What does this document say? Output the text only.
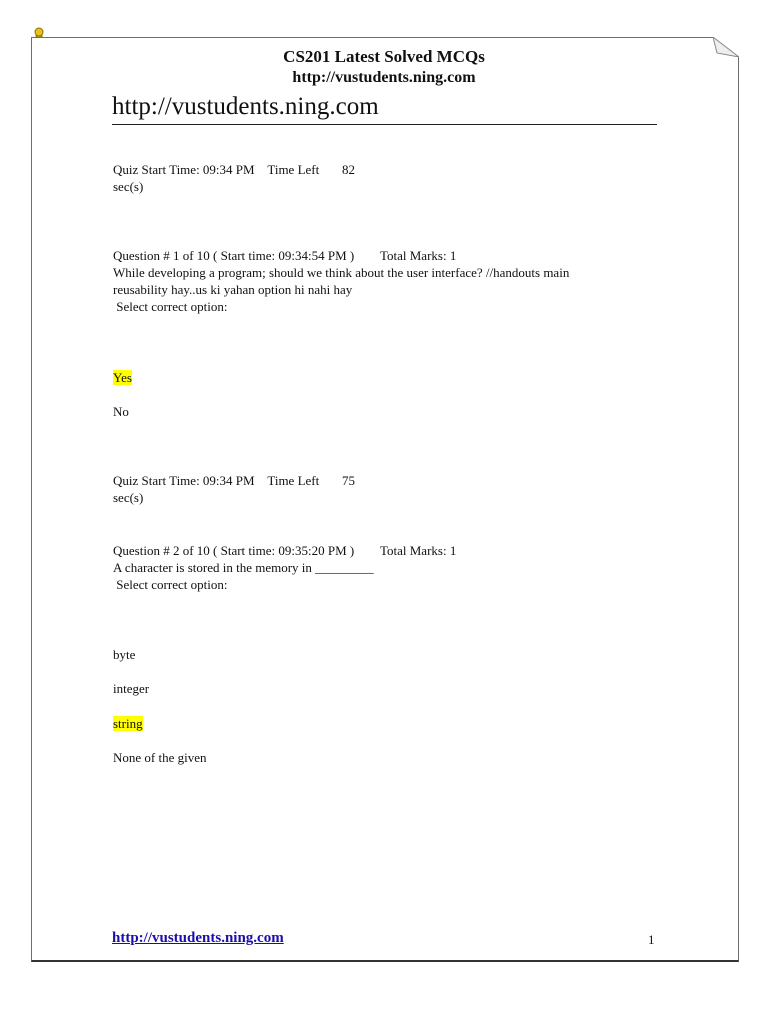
CS201 Latest Solved MCQs
http://vustudents.ning.com
http://vustudents.ning.com
Quiz Start Time: 09:34 PM    Time Left       82
sec(s)
Question # 1 of 10 ( Start time: 09:34:54 PM )        Total Marks: 1
While developing a program; should we think about the user interface? //handouts main
reusability hay..us ki yahan option hi nahi hay
Select correct option:
Yes
No
Quiz Start Time: 09:34 PM    Time Left       75
sec(s)
Question # 2 of 10 ( Start time: 09:35:20 PM )        Total Marks: 1
A character is stored in the memory in _________
Select correct option:
byte
integer
string
None of the given
http://vustudents.ning.com	1
